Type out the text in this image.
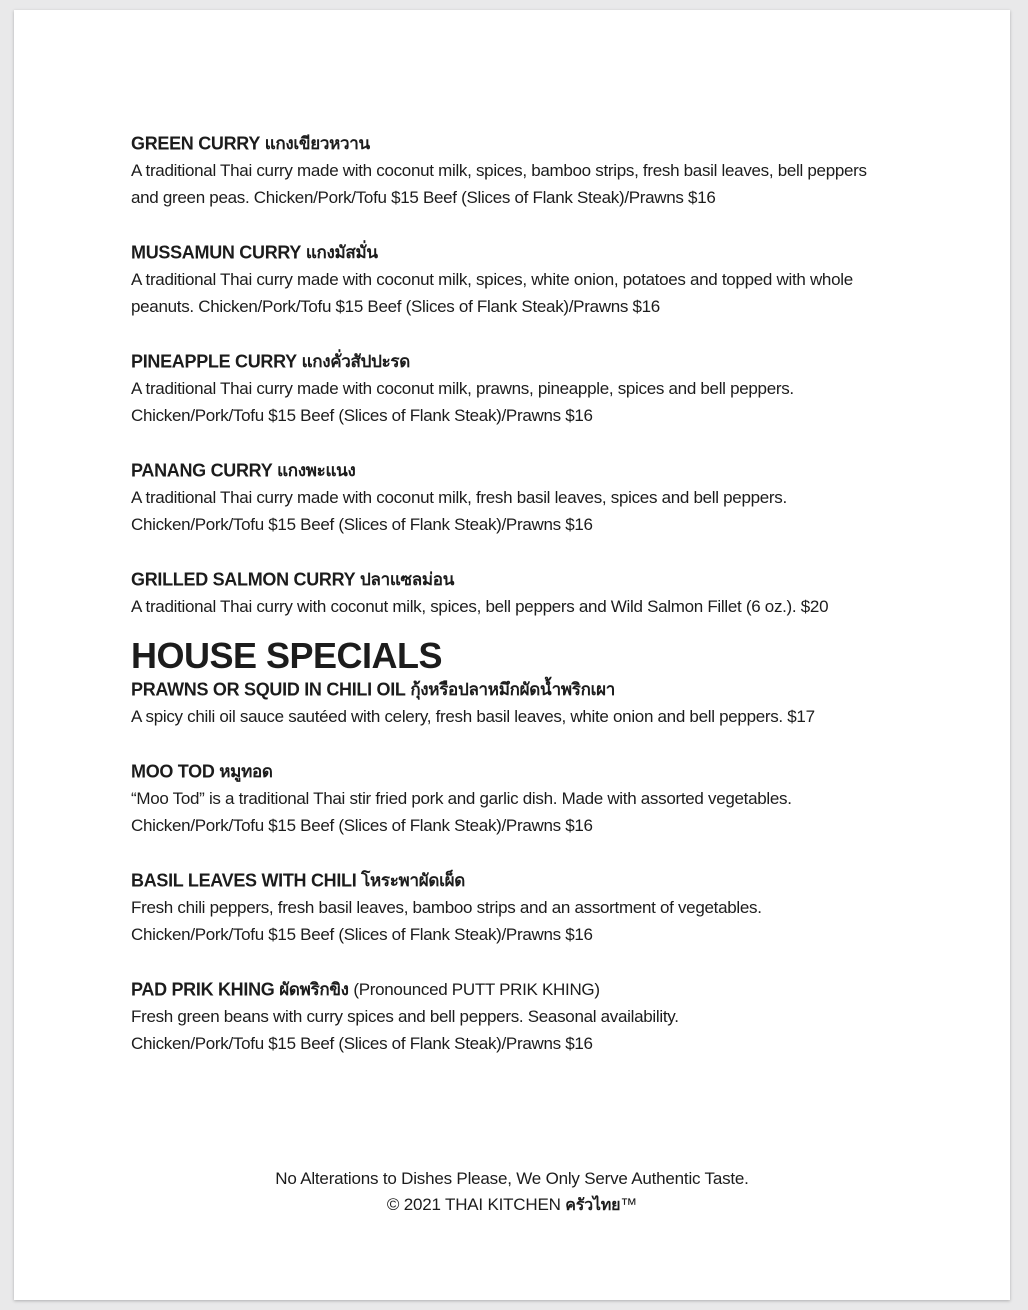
GREEN CURRY แกงเขียวหวาน
A traditional Thai curry made with coconut milk, spices, bamboo strips, fresh basil leaves, bell peppers
and green peas. Chicken/Pork/Tofu $15 Beef (Slices of Flank Steak)/Prawns $16
MUSSAMUN CURRY แกงมัสมั่น
A traditional Thai curry made with coconut milk, spices, white onion, potatoes and topped with whole
peanuts. Chicken/Pork/Tofu $15 Beef (Slices of Flank Steak)/Prawns $16
PINEAPPLE CURRY แกงคั่วสัปปะรด
A traditional Thai curry made with coconut milk, prawns, pineapple, spices and bell peppers.
Chicken/Pork/Tofu $15 Beef (Slices of Flank Steak)/Prawns $16
PANANG CURRY แกงพะแนง
A traditional Thai curry made with coconut milk, fresh basil leaves, spices and bell peppers.
Chicken/Pork/Tofu $15 Beef (Slices of Flank Steak)/Prawns $16
GRILLED SALMON CURRY ปลาแซลม่อน
A traditional Thai curry with coconut milk, spices, bell peppers and Wild Salmon Fillet (6 oz.). $20
HOUSE SPECIALS
PRAWNS OR SQUID IN CHILI OIL กุ้งหรือปลาหมึกผัดน้ำพริกเผา
A spicy chili oil sauce sautéed with celery, fresh basil leaves, white onion and bell peppers. $17
MOO TOD หมูทอด
“Moo Tod” is a traditional Thai stir fried pork and garlic dish. Made with assorted vegetables.
Chicken/Pork/Tofu $15 Beef (Slices of Flank Steak)/Prawns $16
BASIL LEAVES WITH CHILI โหระพาผัดเผ็ด
Fresh chili peppers, fresh basil leaves, bamboo strips and an assortment of vegetables.
Chicken/Pork/Tofu $15 Beef (Slices of Flank Steak)/Prawns $16
PAD PRIK KHING ผัดพริกขิง (Pronounced PUTT PRIK KHING)
Fresh green beans with curry spices and bell peppers. Seasonal availability.
Chicken/Pork/Tofu $15 Beef (Slices of Flank Steak)/Prawns $16
No Alterations to Dishes Please, We Only Serve Authentic Taste.
© 2021 THAI KITCHEN ครัวไทย™
